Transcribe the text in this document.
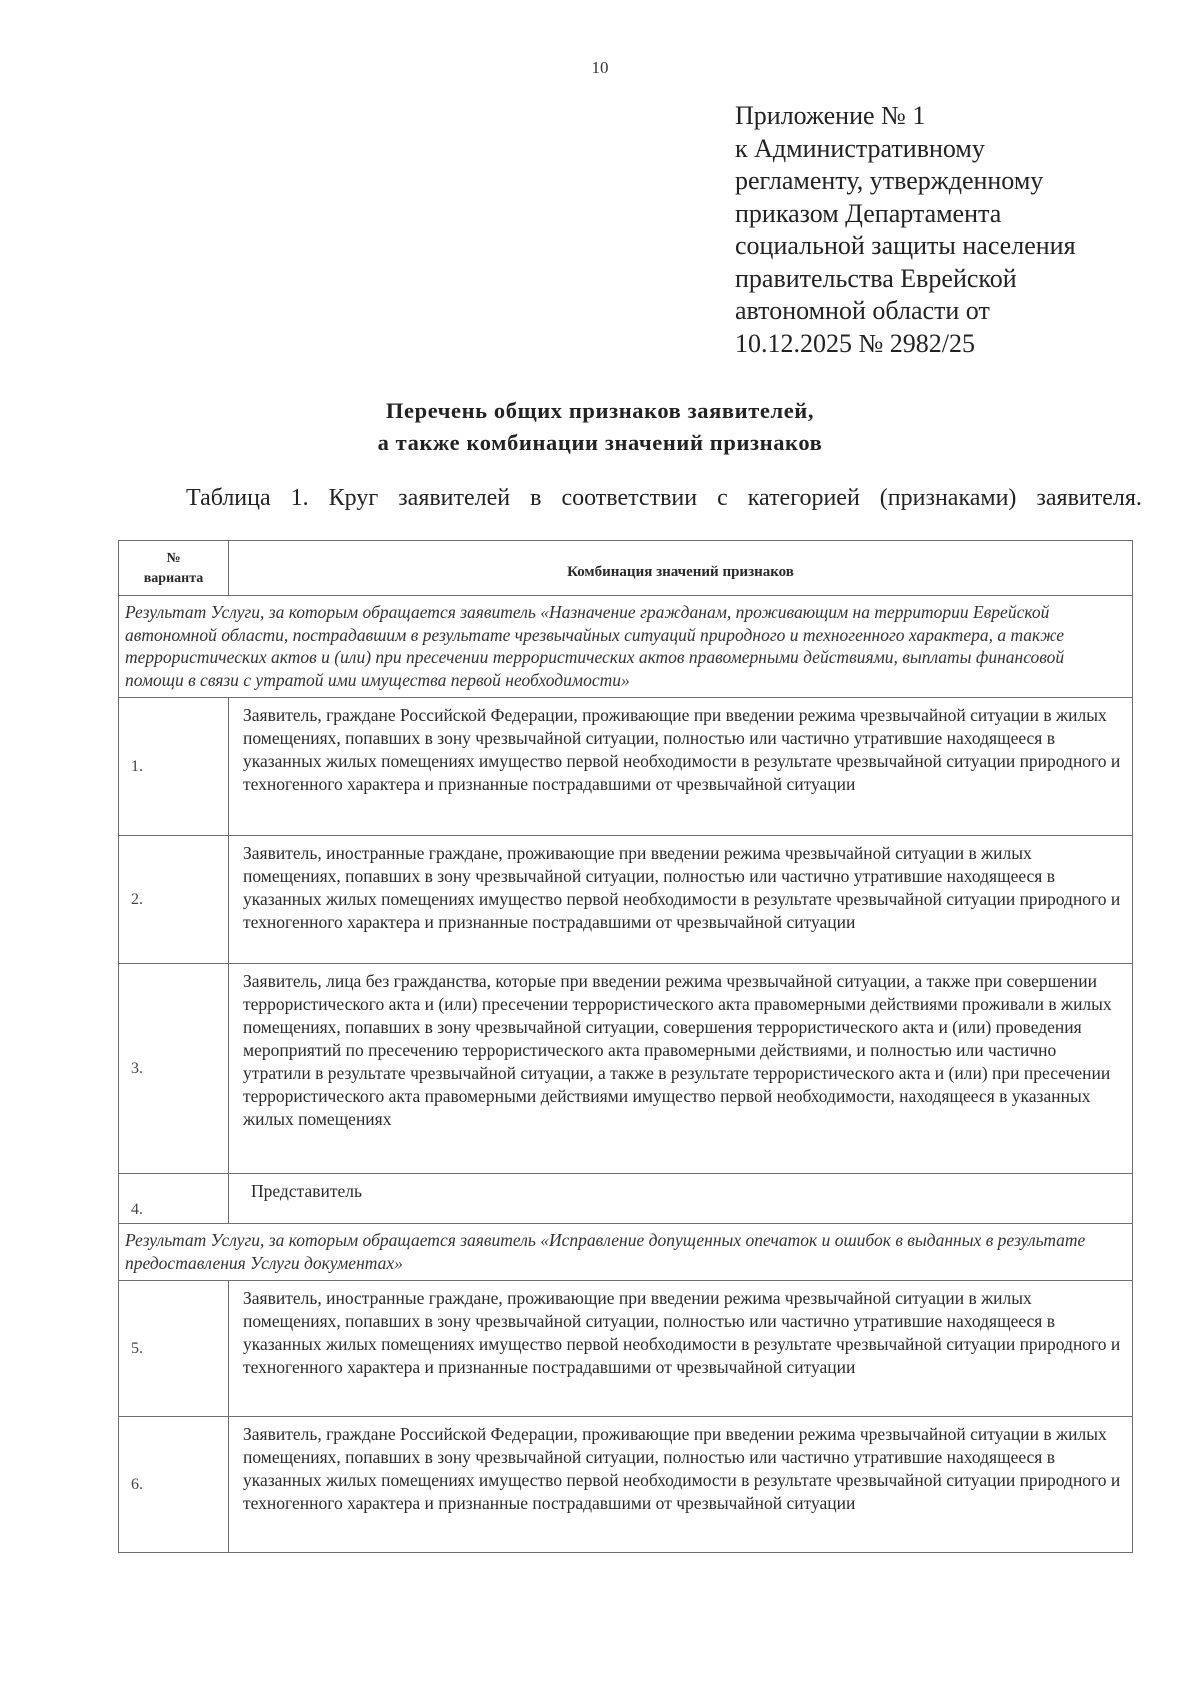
10
Приложение № 1
к Административному
регламенту, утвержденному
приказом Департамента
социальной защиты населения
правительства Еврейской
автономной области от
10.12.2025 № 2982/25
Перечень общих признаков заявителей,
а также комбинации значений признаков
Таблица 1. Круг заявителей в соответствии с категорией (признаками) заявителя.
№
варианта	Комбинация значений признаков
Результат Услуги, за которым обращается заявитель «Назначение гражданам, проживающим на территории Еврейской автономной области, пострадавшим в результате чрезвычайных ситуаций природного и техногенного характера, а также террористических актов и (или) при пресечении террористических актов правомерными действиями, выплаты финансовой помощи в связи с утратой ими имущества первой необходимости»	
1.	Заявитель, граждане Российской Федерации, проживающие при введении режима чрезвычайной ситуации в жилых помещениях, попавших в зону чрезвычайной ситуации, полностью или частично утратившие находящееся в указанных жилых помещениях имущество первой необходимости в результате чрезвычайной ситуации природного и техногенного характера и признанные пострадавшими от чрезвычайной ситуации
2.	Заявитель, иностранные граждане, проживающие при введении режима чрезвычайной ситуации в жилых помещениях, попавших в зону чрезвычайной ситуации, полностью или частично утратившие находящееся в указанных жилых помещениях имущество первой необходимости в результате чрезвычайной ситуации природного и техногенного характера и признанные пострадавшими от чрезвычайной ситуации
3.	Заявитель, лица без гражданства, которые при введении режима чрезвычайной ситуации, а также при совершении террористического акта и (или) пресечении террористического акта правомерными действиями проживали в жилых помещениях, попавших в зону чрезвычайной ситуации, совершения террористического акта и (или) проведения мероприятий по пресечению террористического акта правомерными действиями, и полностью или частично утратили в результате чрезвычайной ситуации, а также в результате террористического акта и (или) при пресечении террористического акта правомерными действиями имущество первой необходимости, находящееся в указанных жилых помещениях
4.	Представитель
Результат Услуги, за которым обращается заявитель «Исправление допущенных опечаток и ошибок в выданных в результате предоставления Услуги документах»	
5.	Заявитель, иностранные граждане, проживающие при введении режима чрезвычайной ситуации в жилых помещениях, попавших в зону чрезвычайной ситуации, полностью или частично утратившие находящееся в указанных жилых помещениях имущество первой необходимости в результате чрезвычайной ситуации природного и техногенного характера и признанные пострадавшими от чрезвычайной ситуации
6.	Заявитель, граждане Российской Федерации, проживающие при введении режима чрезвычайной ситуации в жилых помещениях, попавших в зону чрезвычайной ситуации, полностью или частично утратившие находящееся в указанных жилых помещениях имущество первой необходимости в результате чрезвычайной ситуации природного и техногенного характера и признанные пострадавшими от чрезвычайной ситуации
